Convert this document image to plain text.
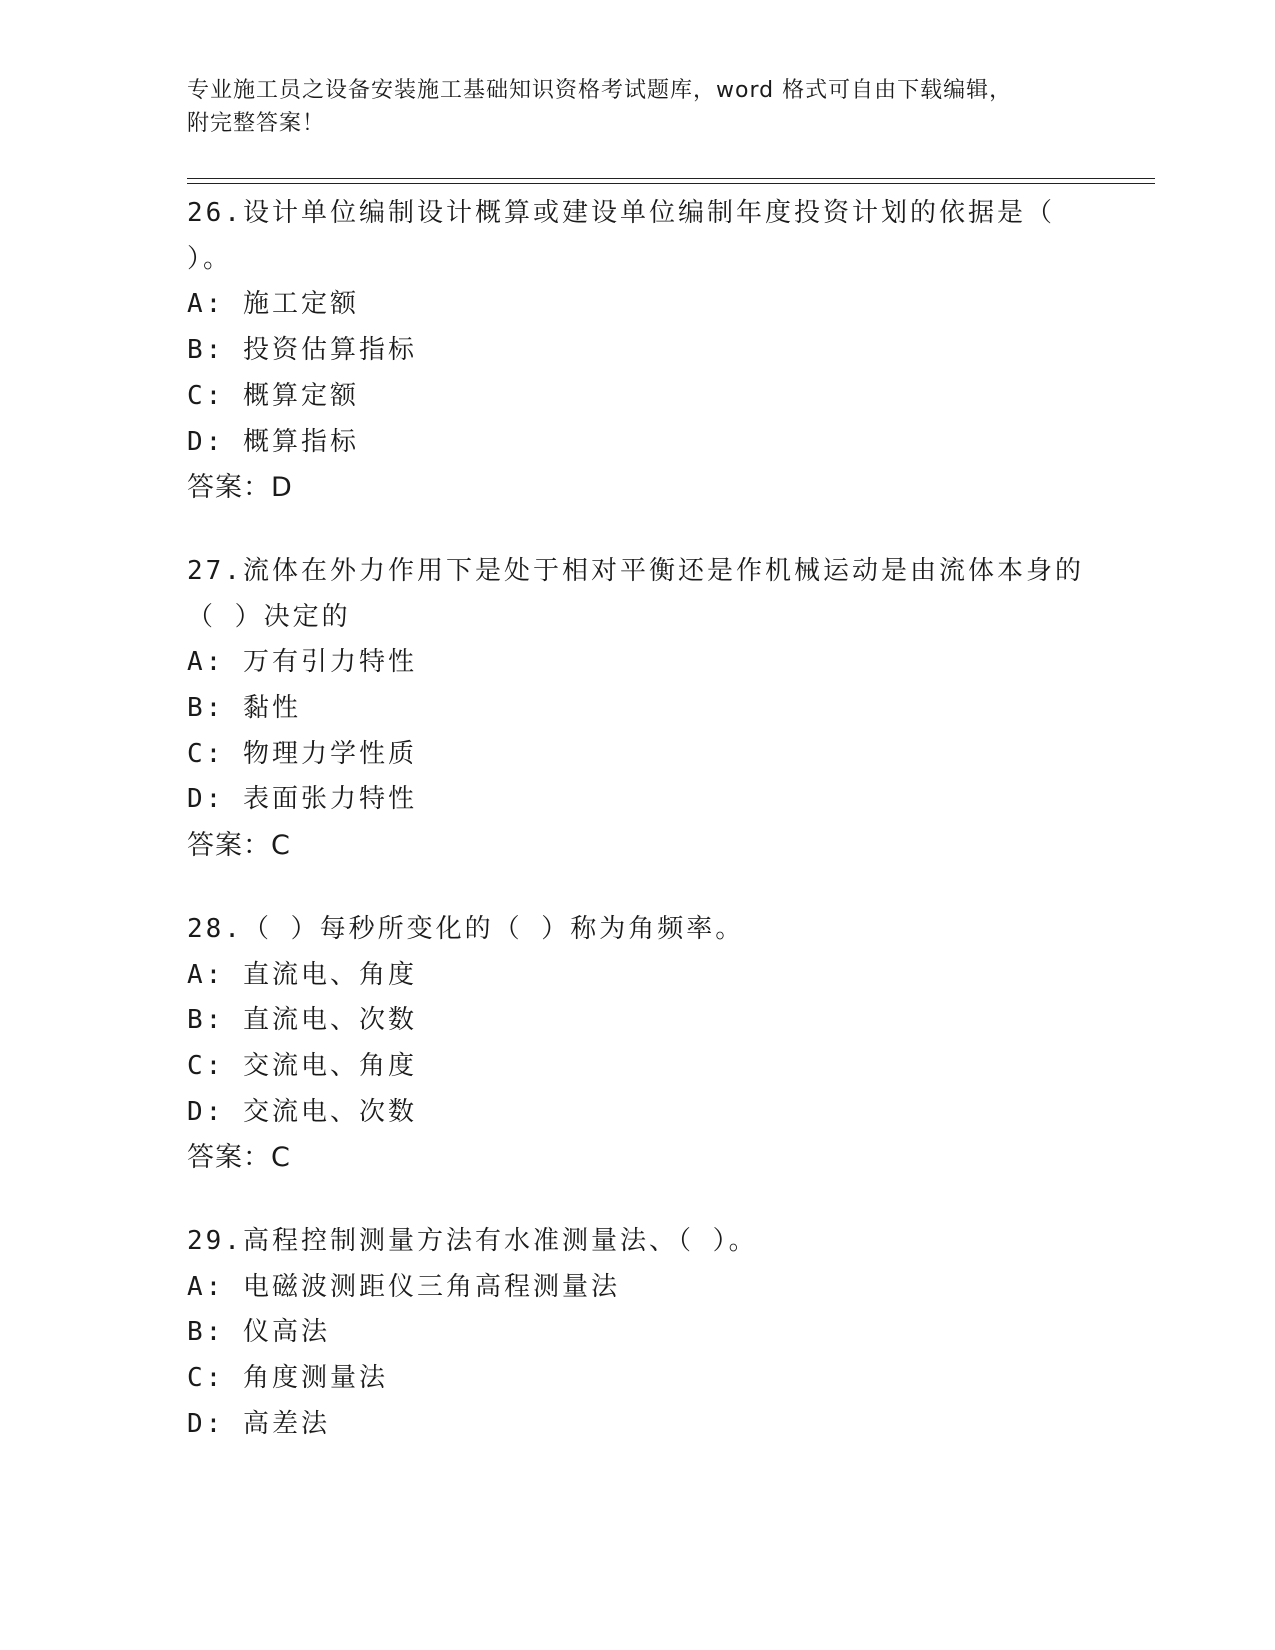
专业施工员之设备安装施工基础知识资格考试题库，word 格式可自由下载编辑，
附完整答案！
26.设计单位编制设计概算或建设单位编制年度投资计划的依据是（
）。
A: 施工定额
B: 投资估算指标
C: 概算定额
D: 概算指标
答案：D
27.流体在外力作用下是处于相对平衡还是作机械运动是由流体本身的
（ ）决定的
A: 万有引力特性
B: 黏性
C: 物理力学性质
D: 表面张力特性
答案：C
28.（ ）每秒所变化的（ ）称为角频率。
A: 直流电、角度
B: 直流电、次数
C: 交流电、角度
D: 交流电、次数
答案：C
29.高程控制测量方法有水准测量法、（ ）。
A: 电磁波测距仪三角高程测量法
B: 仪高法
C: 角度测量法
D: 高差法
